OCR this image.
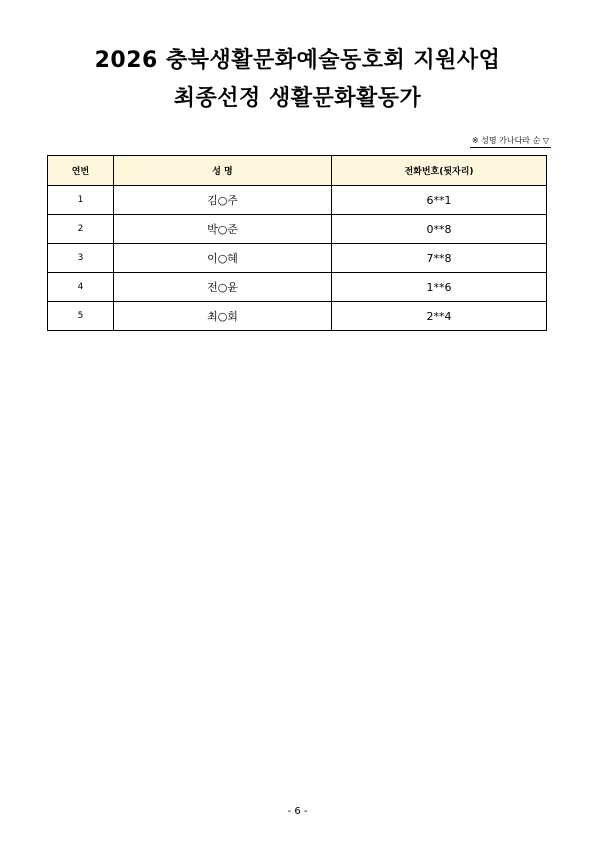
2026 충북생활문화예술동호회 지원사업
최종선정 생활문화활동가
※ 성명 가나다라 순 ▽
연번	성 명	전화번호(뒷자리)
1	김○주	6**1
2	박○준	0**8
3	이○혜	7**8
4	전○윤	1**6
5	최○회	2**4
- 6 -
